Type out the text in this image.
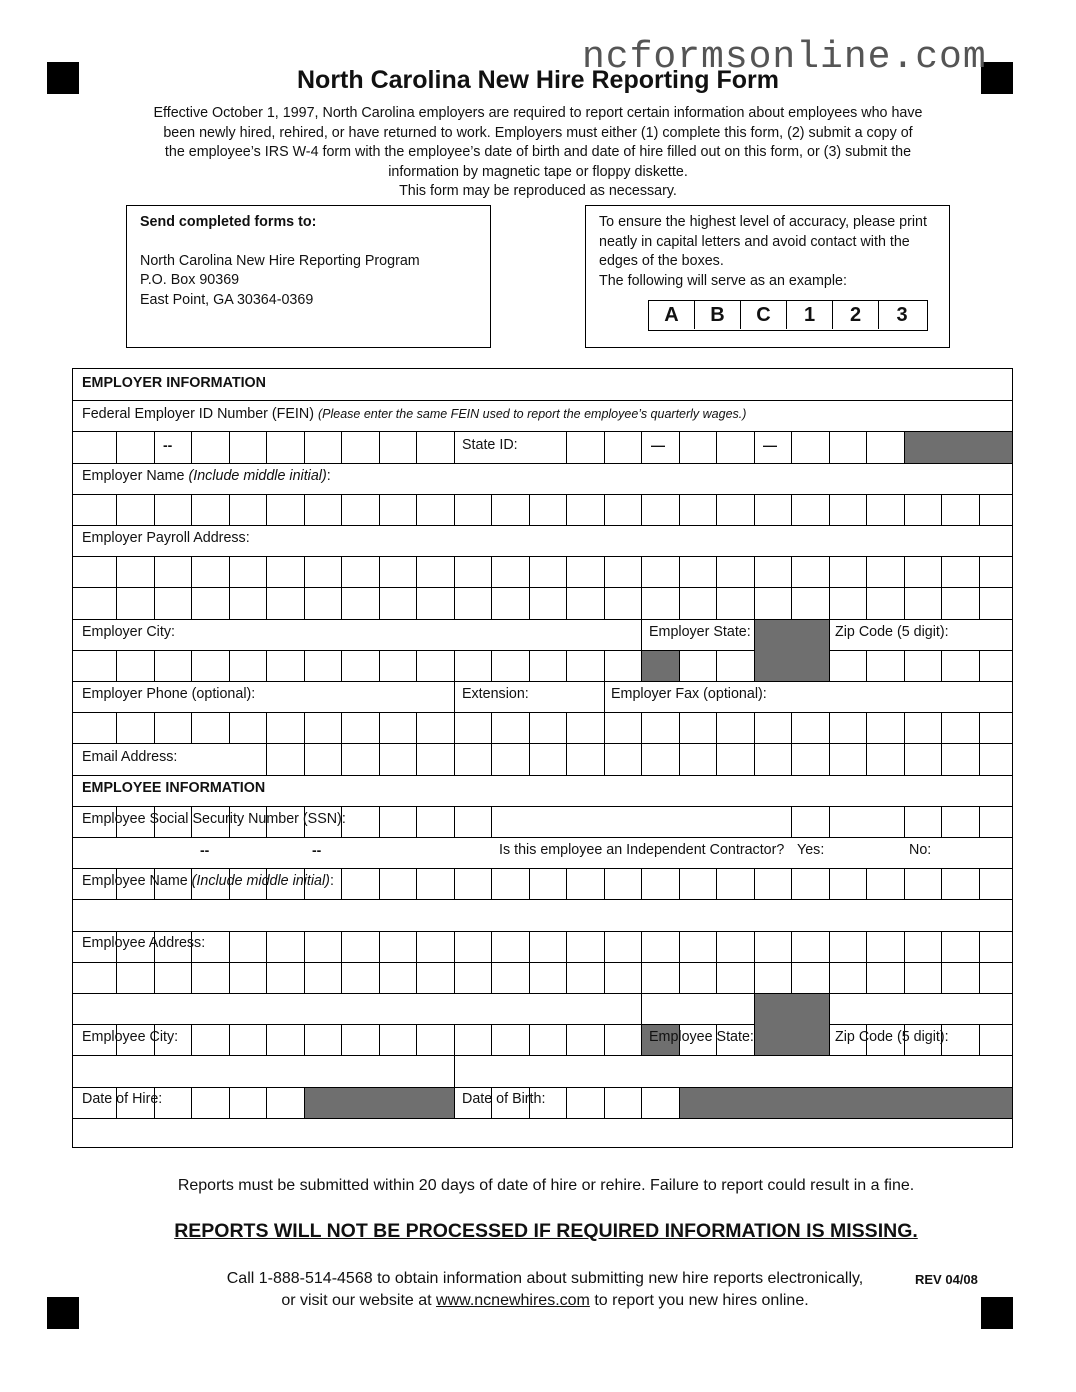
ncformsonline.com
North Carolina New Hire Reporting Form
Effective October 1, 1997, North Carolina employers are required to report certain information about employees who have
been newly hired, rehired, or have returned to work. Employers must either (1) complete this form, (2) submit a copy of
the employee’s IRS W-4 form with the employee’s date of birth and date of hire filled out on this form, or (3) submit the
information by magnetic tape or floppy diskette.
This form may be reproduced as necessary.
Send completed forms to:
North Carolina New Hire Reporting Program
P.O. Box 90369
East Point, GA 30364-0369
To ensure the highest level of accuracy, please print
neatly in capital letters and avoid contact with the
edges of the boxes.
The following will serve as an example:
A	B	C	1	2	3
EMPLOYER INFORMATION
Federal Employer ID Number (FEIN) (Please enter the same FEIN used to report the employee’s quarterly wages.)
--	State ID:	—	—
Employer Name (Include middle initial):
Employer Payroll Address:
Employer City:	Employer State:	Zip Code (5 digit):
Employer Phone (optional):	Extension:	Employer Fax (optional):
Email Address:
EMPLOYEE INFORMATION
Employee Social Security Number (SSN):
--	--	Is this employee an Independent Contractor? Yes:	No:
Employee Name (Include middle initial):
Employee Address:
Employee City:	Employee State:	Zip Code (5 digit):
Date of Hire:	Date of Birth:
Reports must be submitted within 20 days of date of hire or rehire. Failure to report could result in a fine.
REPORTS WILL NOT BE PROCESSED IF REQUIRED INFORMATION IS MISSING.
Call 1-888-514-4568 to obtain information about submitting new hire reports electronically,
or visit our website at www.ncnewhires.com to report you new hires online.
REV 04/08
